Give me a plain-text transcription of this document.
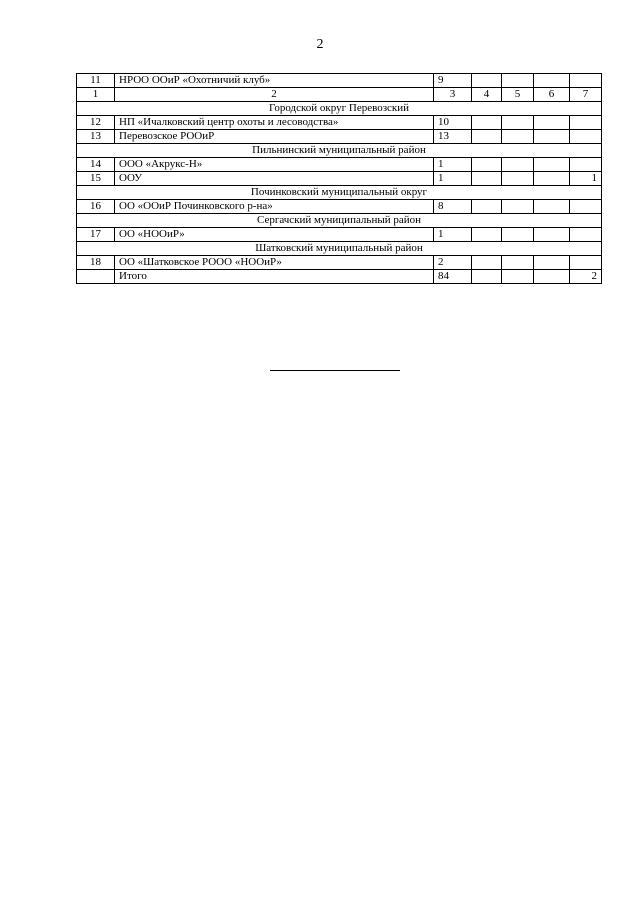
2
11	НРОО ООиР «Охотничий клуб»	9				
1	2	3	4	5	6	7
Городской округ Перевозский						
12	НП «Ичалковский центр охоты и лесоводства»	10				
13	Перевозское РООиР	13				
Пильнинский муниципальный район						
14	ООО «Акрукс-Н»	1				
15	ООУ	1				1
Починковский муниципальный округ						
16	ОО «ООиР Починковского р-на»	8				
Сергачский муниципальный район						
17	ОО «НООиР»	1				
Шатковский муниципальный район						
18	ОО «Шатковское РООО «НООиР»	2				
	Итого	84				2
